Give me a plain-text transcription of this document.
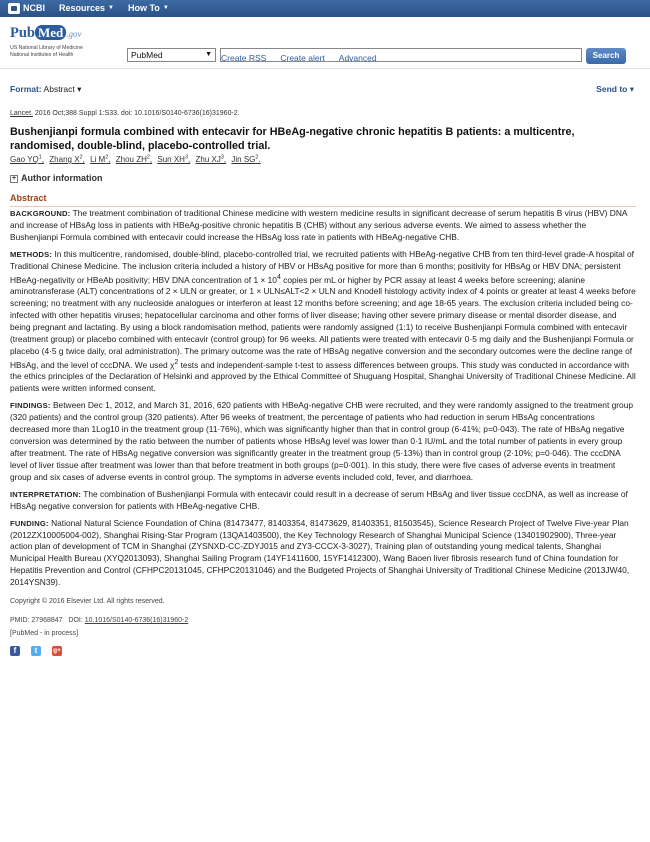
NCBI Resources ▼ How To ▼
Pub Med .gov
US National Library of Medicine
National Institutes of Health	PubMed	▼	Search
Create RSS Create alert Advanced
Format: Abstract ▾	Send to ▾
Lancet. 2016 Oct;388 Suppl 1:S33. doi: 10.1016/S0140-6736(16)31960-2.
Bushenjianpi formula combined with entecavir for HBeAg-negative chronic hepatitis B patients: a multicentre, randomised, double-blind, placebo-controlled trial.
Gao $YQ^1$, Zhang $X^2$, Li $M^2$, Zhou $ZH^2$, Sun $XH^3$, Zhu $XJ^3$, Jin $SG^2$.
+ Author information
Abstract

BACKGROUND: The treatment combination of traditional Chinese medicine with western medicine results in significant decrease of serum hepatitis B virus (HBV) DNA and increase of HBsAg loss in patients with HBeAg-positive chronic hepatitis B (CHB) without any serious adverse events. We aimed to assess whether the Bushenjianpi Formula combined with entecavir could increase the HBsAg loss rate in patients with HBeAg-negative CHB.

METHODS: In this multicentre, randomised, double-blind, placebo-controlled trial, we recruited patients with HBeAg-negative CHB from ten third-level grade-A hospital of Traditional Chinese Medicine. The inclusion criteria included a history of HBV or HBsAg positive for more than 6 months; positivity for HBsAg or HBV DNA; persistent HBeAg-negativity or HBeAb positivity; HBV DNA concentration of $1 \times 10^4$ copies per mL or higher by PCR assay at least 4 weeks before screening; alanine aminotransferase (ALT) concentrations of 2 × ULN or greater, or 1 × ULN≤ALT<2 × ULN and Knodell histology activity index of 4 points or greater at least 4 weeks before screening; no treatment with any nucleoside analogues or interferon at least 12 months before screening; and age 18-65 years. The exclusion criteria included being co-infected with other hepatitis viruses; hepatocellular carcinoma and other forms of liver disease; having other severe primary disease or mental disorder disease, and being pregnant and lactating. By using a block randomisation method, patients were randomly assigned (1:1) to receive Bushenjianpi Formula combined with entecavir (treatment group) or placebo combined with entecavir (control group) for 96 weeks. All patients were treated with entecavir 0·5 mg daily and the Bushenjianpi Formula or placebo (4·5 g twice daily, oral administration). The primary outcome was the rate of HBsAg negative conversion and the secondary outcomes were the decline range of HBsAg, and the level of cccDNA. We used $\chi^2$ tests and independent-sample t-test to assess differences between groups. This study was conducted in accordance with the ethics principles of the Declaration of Helsinki and approved by the Ethical Committee of Shuguang Hospital, Shanghai University of Traditional Chinese Medicine. All patients were written informed consent.

FINDINGS: Between Dec 1, 2012, and March 31, 2016, 620 patients with HBeAg-negative CHB were recruited, and they were randomly assigned to the treatment group (320 patients) and the control group (320 patients). After 96 weeks of treatment, the percentage of patients who had reduction in serum HBsAg concentrations decreased more than 1Log10 in the treatment group (11·76%), which was significantly higher than that in control group (6·41%; p=0·043). The rate of HBsAg negative conversion was determined by the ratio between the number of patients whose HBsAg level was lower than 0·1 IU/mL and the total number of patients in every group after treatment. The rate of HBsAg negative conversion was significantly greater in the treatment group (5·13%) than in control group (2·10%; p=0·046). The cccDNA level of liver tissue after treatment was lower than that before treatment in both groups (p=0·001). In this study, there were five cases of adverse events in treatment group and six cases of adverse events in control group. The symptoms in adverse events included cold, fever, and diarrhoea.

INTERPRETATION: The combination of Bushenjianpi Formula with entecavir could result in a decrease of serum HBsAg and liver tissue cccDNA, as well as increase of HBsAg negative conversion for patients with HBeAg-negative CHB.

FUNDING: National Natural Science Foundation of China (81473477, 81403354, 81473629, 81403351, 81503545), Science Research Project of Twelve Five-year Plan (2012ZX10005004-002), Shanghai Rising-Star Program (13QA1403500), the Key Technology Research of Shanghai Municipal Science (13401902900), Three-year action plan of development of TCM in Shanghai (ZYSNXD-CC-ZDYJ015 and ZY3-CCCX-3-3027), Training plan of outstanding young medical talents, Shanghai Municipal Health Bureau (XYQ2013093), Shanghai Sailing Program (14YF1411600, 15YF1412300), Wang Baoen liver fibrosis research fund of China foundation for Hepatitis Prevention and Control (CFHPC20131045, CFHPC20131046) and the Budgeted Projects of Shanghai University of Traditional Chinese Medicine (2013JW40, 2014YSN39).

Copyright © 2016 Elsevier Ltd. All rights reserved.

PMID: 27968847 DOI: 10.1016/S0140-6736(16)31960-2

[PubMed - in process]

f	t	g+
